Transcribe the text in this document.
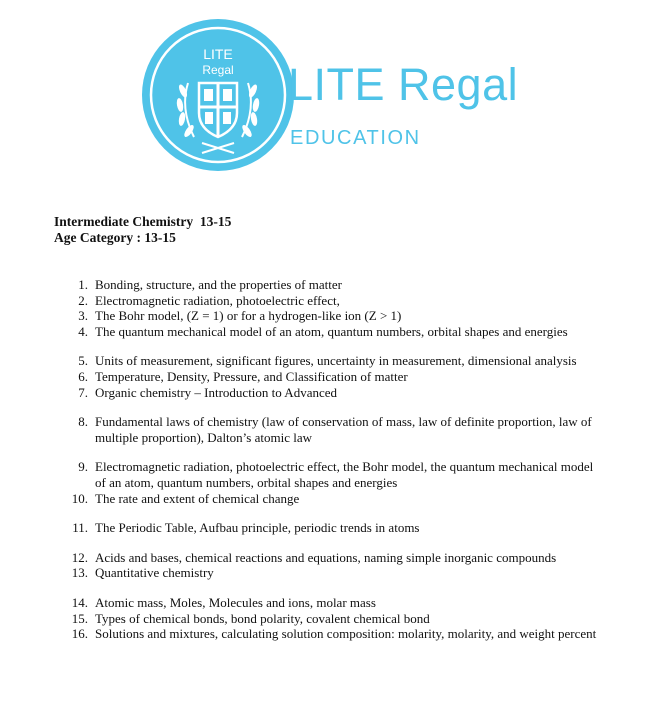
LITE
Regal LITE Regal
EDUCATION
Intermediate Chemistry  13-15
Age Category : 13-15
1. Bonding, structure, and the properties of matter
2. Electromagnetic radiation, photoelectric effect,
3. The Bohr model, (Z = 1) or for a hydrogen-like ion (Z > 1)
4. The quantum mechanical model of an atom, quantum numbers, orbital shapes and energies
5. Units of measurement, significant figures, uncertainty in measurement, dimensional analysis
6. Temperature, Density, Pressure, and Classification of matter
7. Organic chemistry – Introduction to Advanced
8. Fundamental laws of chemistry (law of conservation of mass, law of definite proportion, law of multiple proportion), Dalton’s atomic law
9. Electromagnetic radiation, photoelectric effect, the Bohr model, the quantum mechanical model of an atom, quantum numbers, orbital shapes and energies
10. The rate and extent of chemical change
11. The Periodic Table, Aufbau principle, periodic trends in atoms
12. Acids and bases, chemical reactions and equations, naming simple inorganic compounds
13. Quantitative chemistry
14. Atomic mass, Moles, Molecules and ions, molar mass
15. Types of chemical bonds, bond polarity, covalent chemical bond
16. Solutions and mixtures, calculating solution composition: molarity, molarity, and weight percent
